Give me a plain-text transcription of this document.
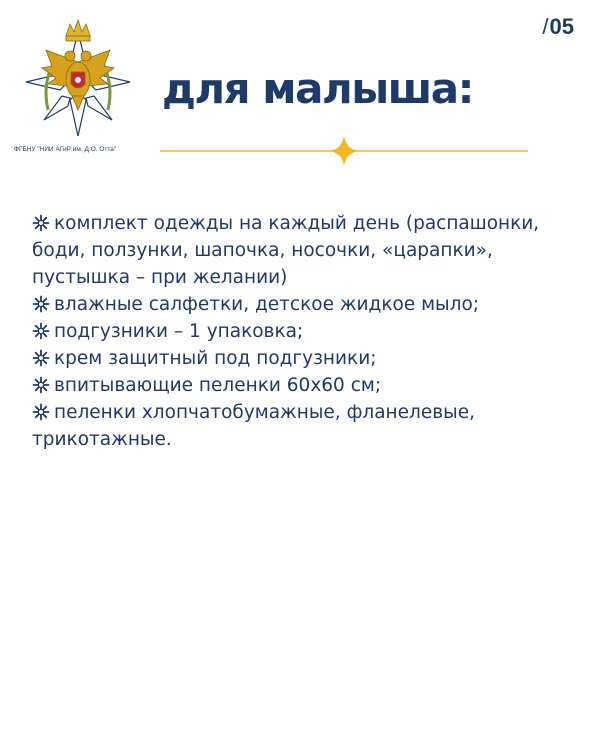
ФГБНУ "НИИ АГиР им. Д.О. Отта"
/05
для малыша:
комплект одежды на каждый день (распашонки, боди, ползунки, шапочка, носочки, «царапки», пустышка – при желании)
влажные салфетки, детское жидкое мыло;
подгузники – 1 упаковка;
крем защитный под подгузники;
впитывающие пеленки 60х60 см;
пеленки хлопчатобумажные, фланелевые, трикотажные.
